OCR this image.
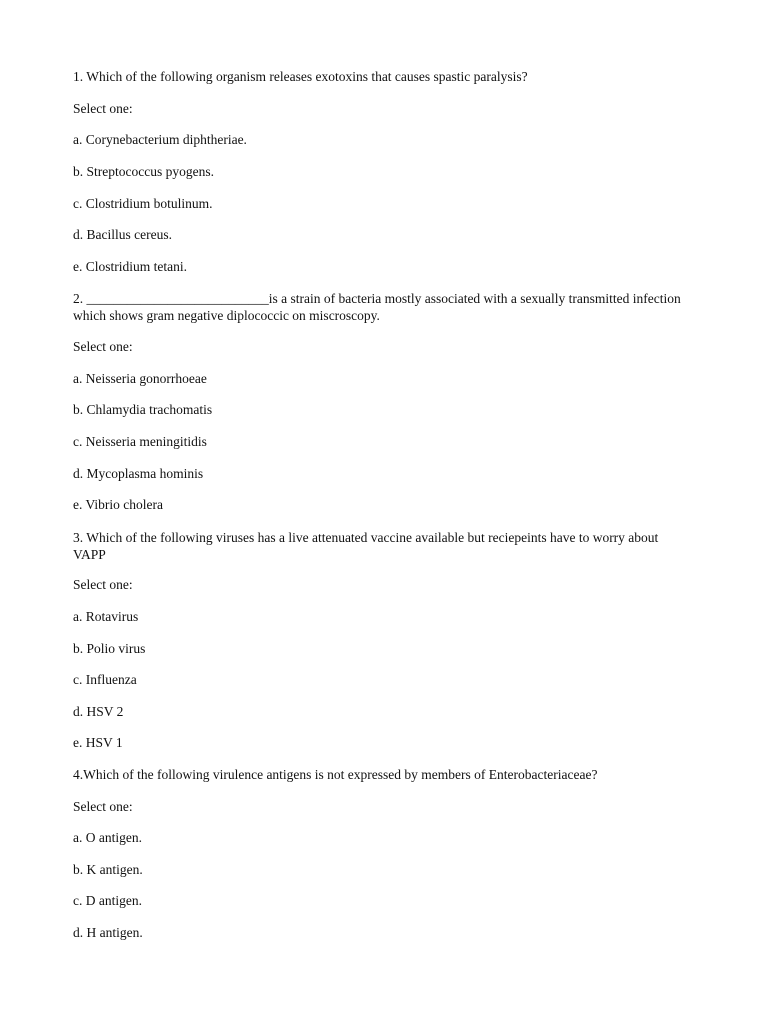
1. Which of the following organism releases exotoxins that causes spastic paralysis?
Select one:
a. Corynebacterium diphtheriae.
b. Streptococcus pyogens.
c. Clostridium botulinum.
d. Bacillus cereus.
e. Clostridium tetani.
2. ___________________________is a strain of bacteria mostly associated with a sexually transmitted infection which shows gram negative diplococcic on miscroscopy.
Select one:
a. Neisseria gonorrhoeae
b. Chlamydia trachomatis
c. Neisseria meningitidis
d. Mycoplasma hominis
e. Vibrio cholera
3. Which of the following viruses has a live attenuated vaccine available but reciepeints have to worry about VAPP
Select one:
a. Rotavirus
b. Polio virus
c. Influenza
d. HSV 2
e. HSV 1
4.Which of the following virulence antigens is not expressed by members of Enterobacteriaceae?
Select one:
a. O antigen.
b. K antigen.
c. D antigen.
d. H antigen.
